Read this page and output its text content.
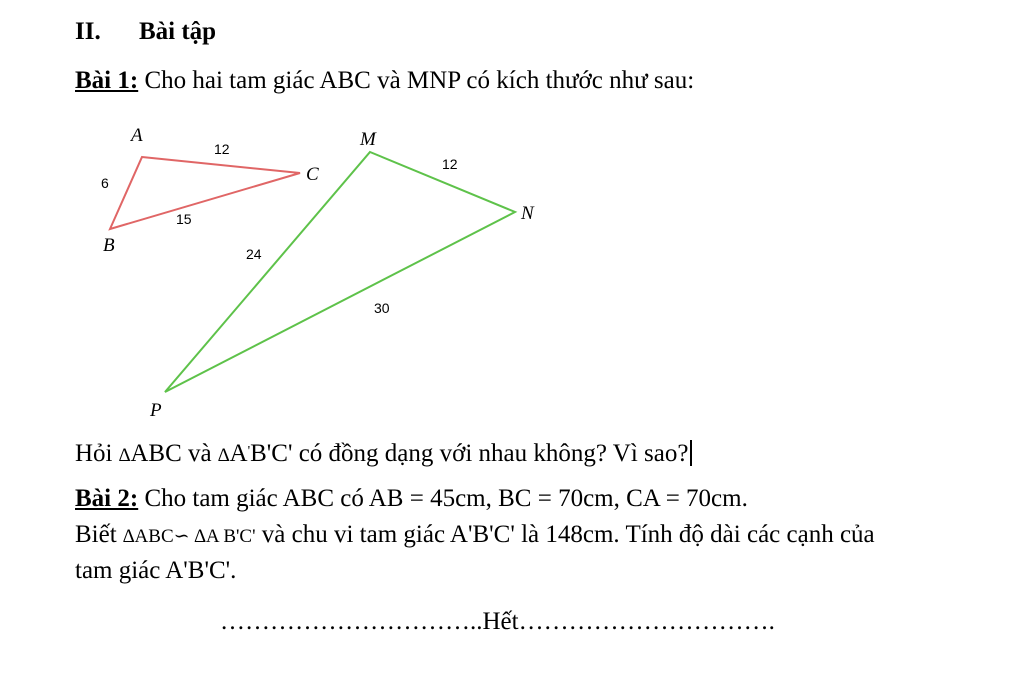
II. Bài tập
Bài 1: Cho hai tam giác ABC và MNP có kích thước như sau:
A
B
C
M
N
P
12
6
15
12
24
30
Hỏi ∆ABC và ∆A'B'C' có đồng dạng với nhau không? Vì sao?
Bài 2: Cho tam giác ABC có AB = 45cm, BC = 70cm, CA = 70cm.
Biết ∆ABC∽ ∆A B'C' và chu vi tam giác A'B'C' là 148cm. Tính độ dài các cạnh của
tam giác A'B'C'.
…………………………..Hết………………………….
